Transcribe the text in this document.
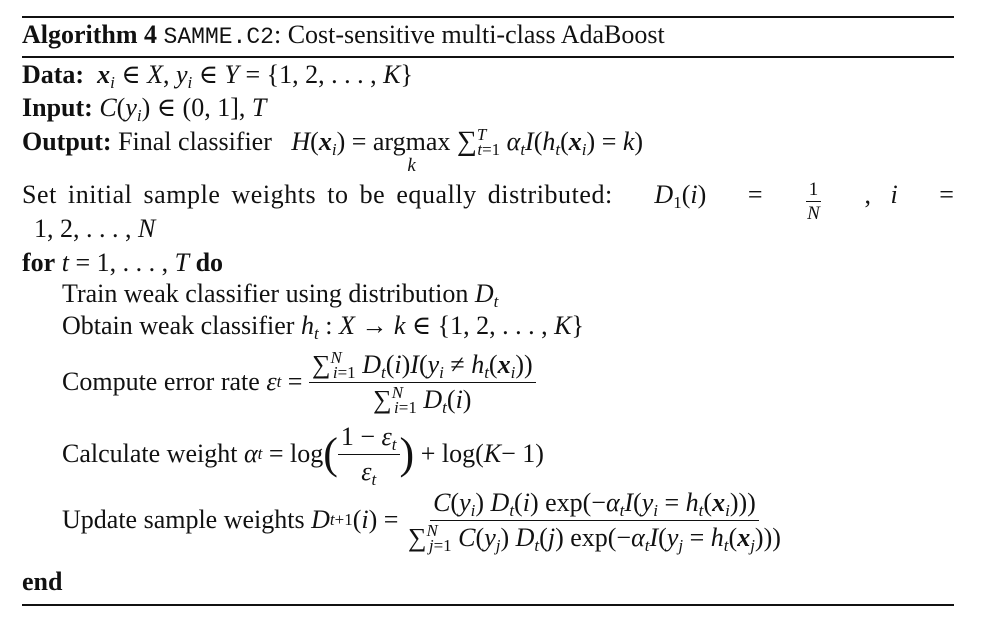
Algorithm 4 SAMME.C2: Cost-sensitive multi-class AdaBoost
Data: $x_i$ ∈ X, $y_i$ ∈ Y = {1, 2, . . . , K}
Input: $C(y_i)$ ∈ (0, 1], T
Output: Final classifier $H(x_i) = argmax$
k
∑$^T_{t=1}$ $\alpha_tI(h_t(x_i) = k)$
Set initial sample weights to be equally distributed: $D_1(i) = \frac{1}{N}$ ,   i =
1, 2, . . . , N
for t = 1, . . . , T do
Train weak classifier using distribution $D_t$
Obtain weak classifier $h_t$ : X → k ∈ {1, 2, . . . , K}
Compute error rate
ε $t = \frac{\sum^N_{i=1} D_t(i)I(y_i \ne h_t(x_i))}{\sum^N_{i=1} D_t(i)}$
Calculate weight
α t = log ( $\frac{1 - \varepsilon_t}{\varepsilon_t}$ ) + log( K − 1)
Update sample weights
D t+1 ( i ) = $\frac{C(y_i) D_t(i) \exp(-\alpha_tI(y_i = h_t(x_i)))}{\sum^N_{j=1} C(y_j) D_t(j) \exp(-\alpha_tI(y_j = h_t(x_j)))}$
end
